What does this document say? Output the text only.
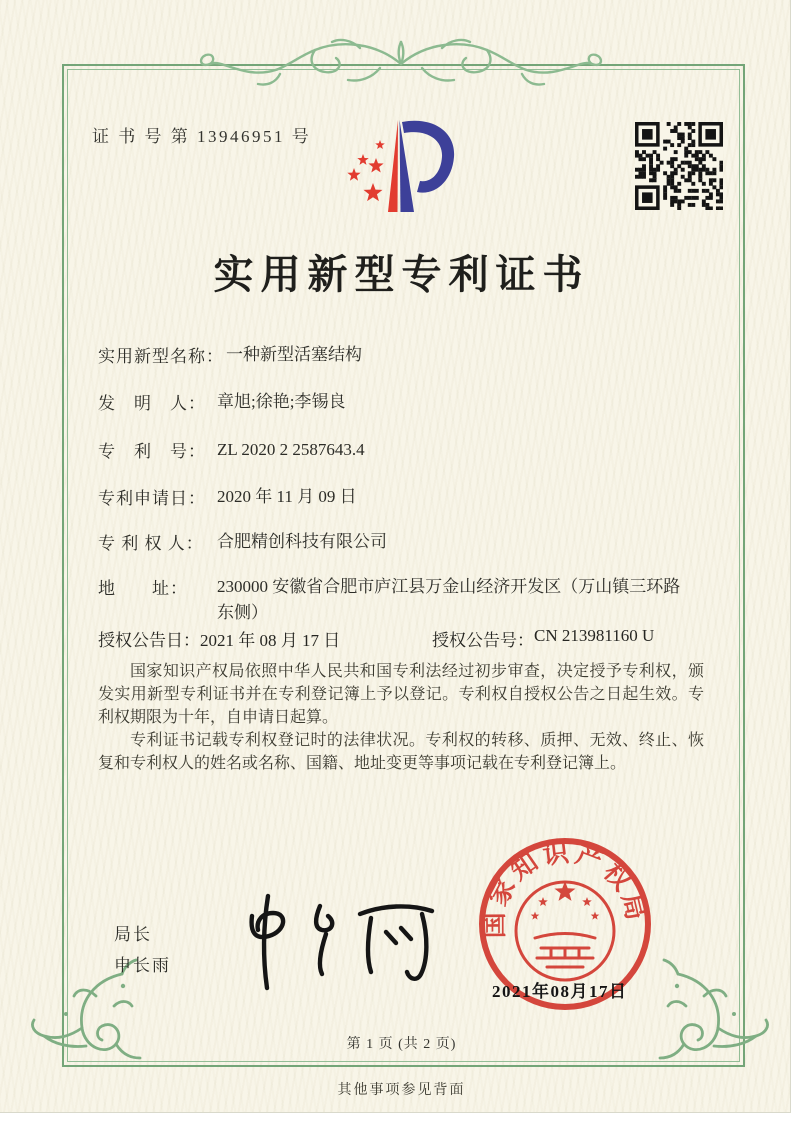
证 书 号 第 13946951 号
实用新型专利证书
实用新型名称： 一种新型活塞结构
发　明　人： 章旭;徐艳;李锡良
专　利　号： ZL 2020 2 2587643.4
专利申请日： 2020 年 11 月 09 日
专 利 权 人： 合肥精创科技有限公司
地　　址：	230000 安徽省合肥市庐江县万金山经济开发区（万山镇三环路东侧）
授权公告日： 2021 年 08 月 17 日	授权公告号： CN 213981160 U

国家知识产权局依照中华人民共和国专利法经过初步审查，决定授予专利权，颁发实用新型专利证书并在专利登记簿上予以登记。专利权自授权公告之日起生效。专利权期限为十年，自申请日起算。

专利证书记载专利权登记时的法律状况。专利权的转移、质押、无效、终止、恢复和专利权人的姓名或名称、国籍、地址变更等事项记载在专利登记簿上。

局长
申长雨
国家知识产权局
2021年08月17日
第 1 页 (共 2 页)
其他事项参见背面
